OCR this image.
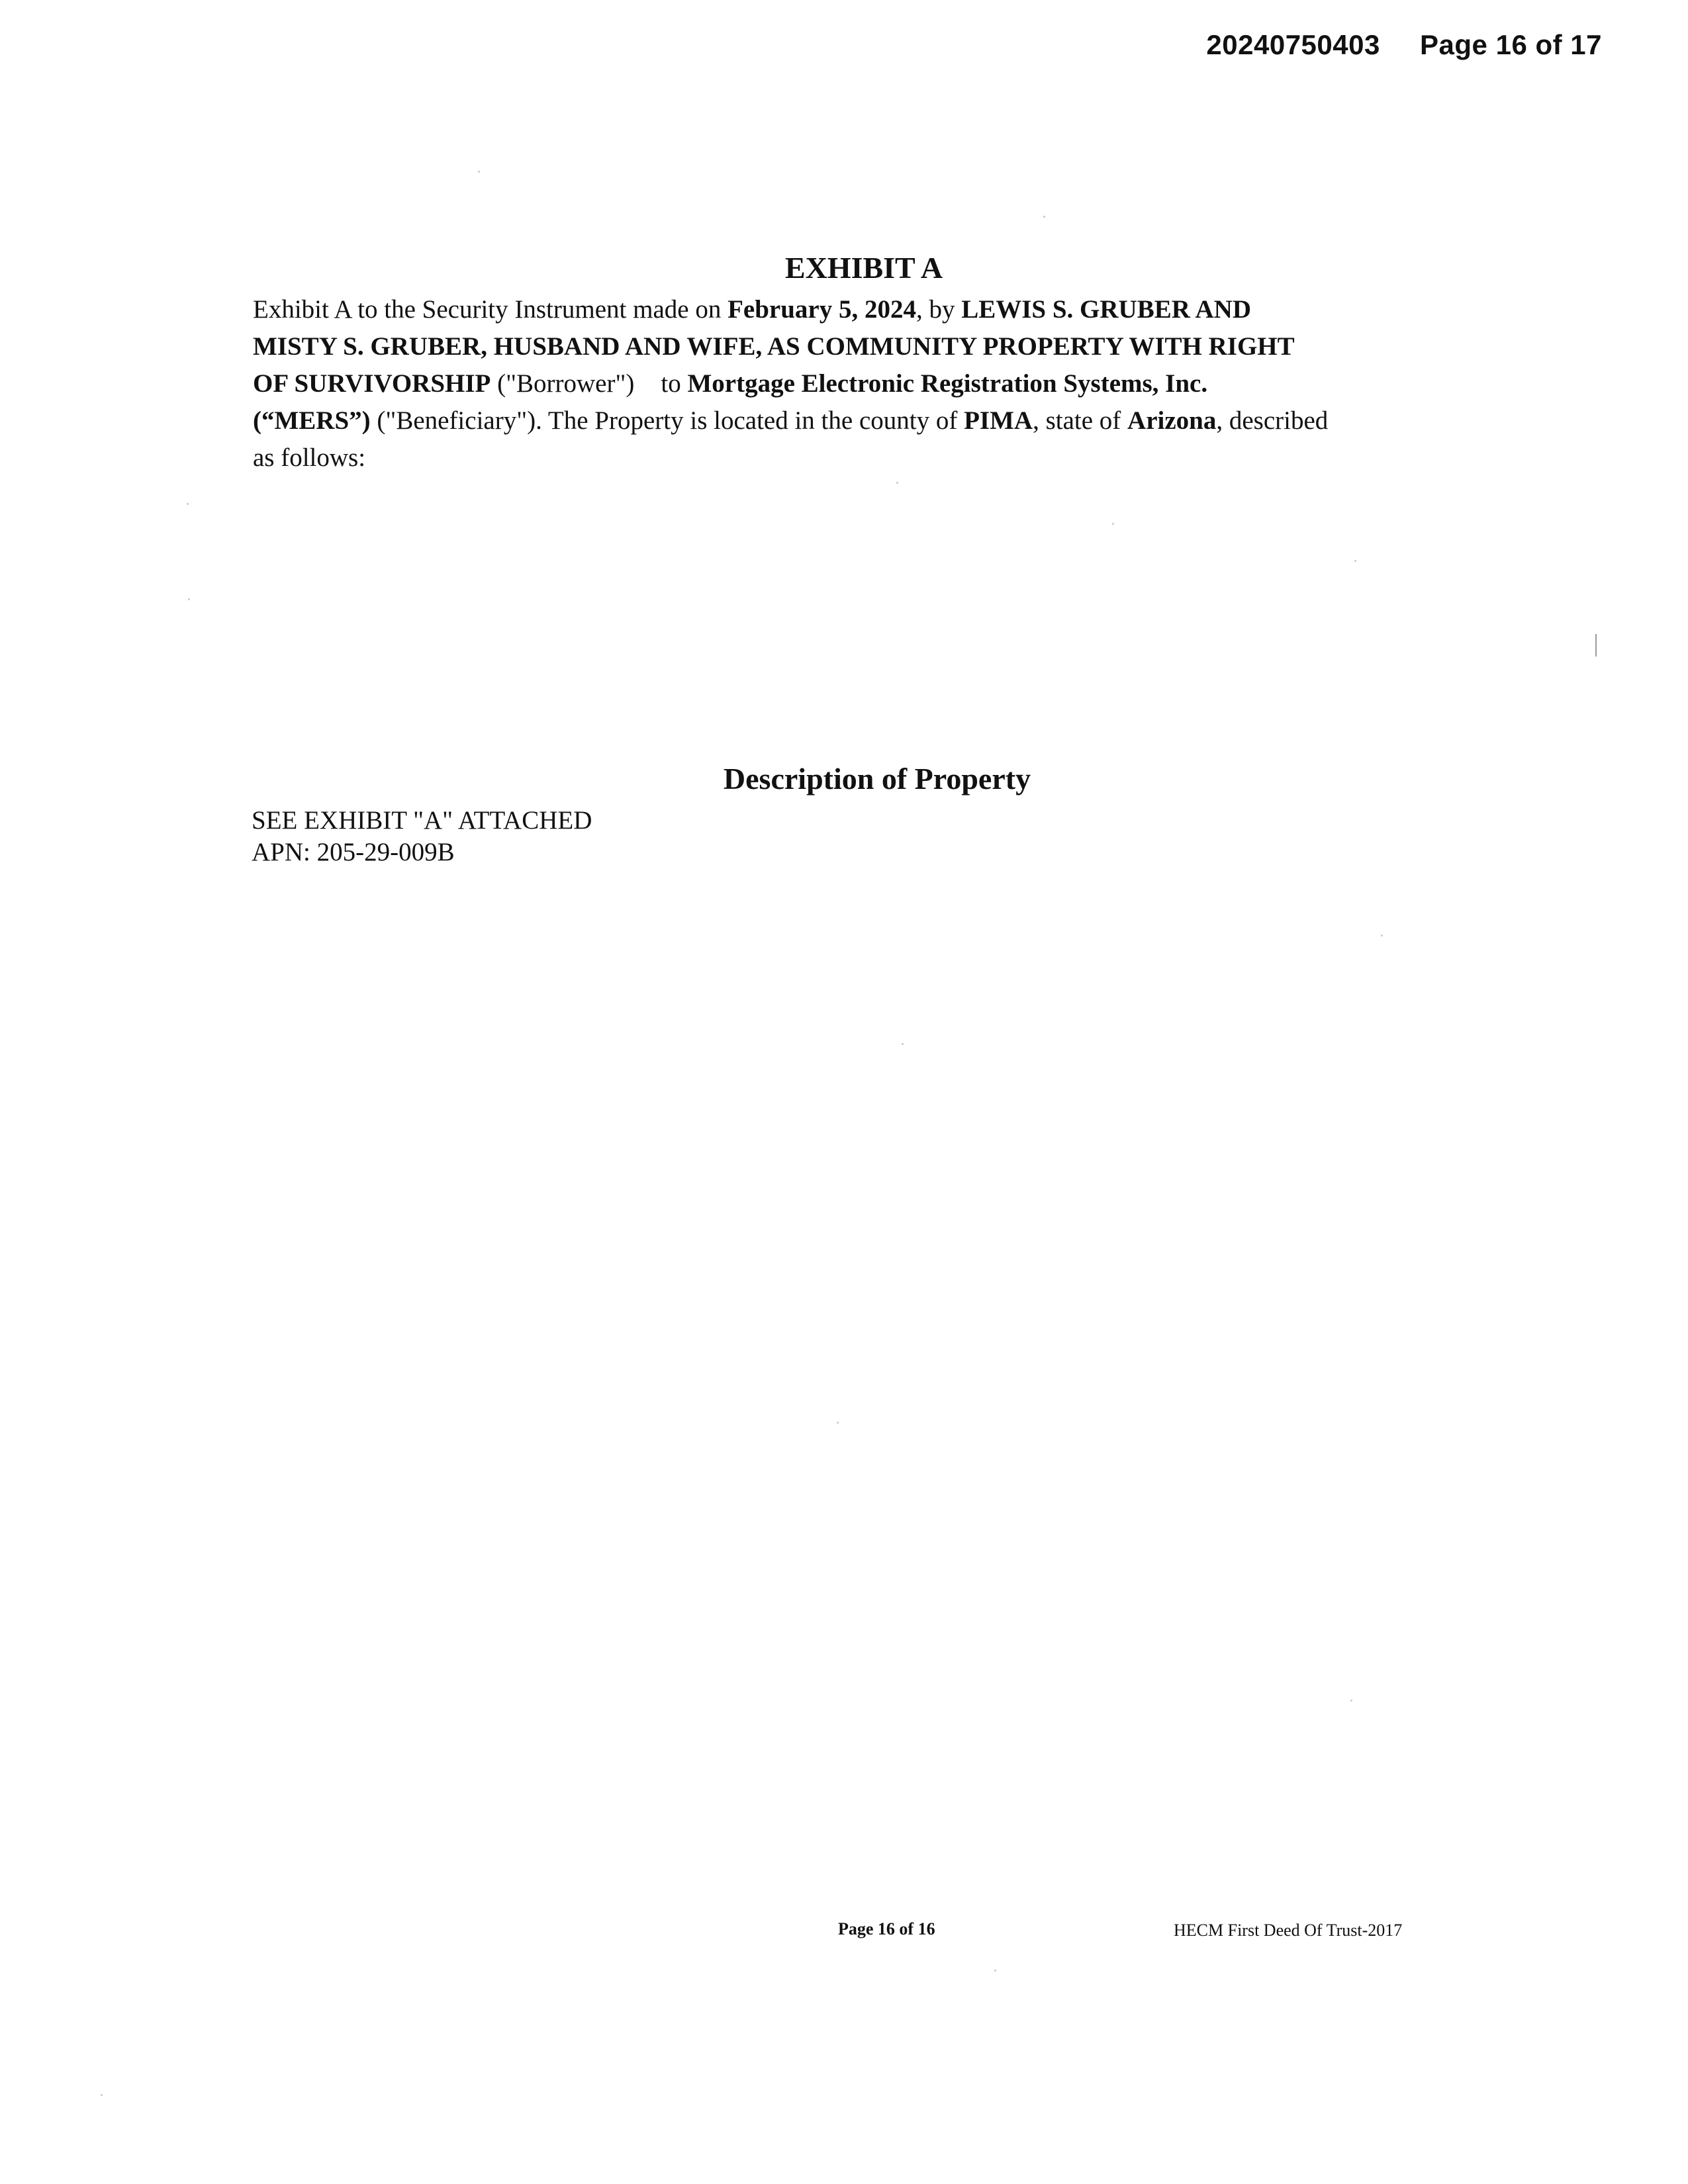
20240750403 Page 16 of 17
EXHIBIT A
Exhibit A to the Security Instrument made on February 5, 2024, by LEWIS S. GRUBER AND
MISTY S. GRUBER, HUSBAND AND WIFE, AS COMMUNITY PROPERTY WITH RIGHT
OF SURVIVORSHIP ("Borrower") to Mortgage Electronic Registration Systems, Inc.
(“MERS”) ("Beneficiary"). The Property is located in the county of PIMA, state of Arizona, described
as follows:
Description of Property
SEE EXHIBIT "A" ATTACHED
APN: 205-29-009B
Page 16 of 16	HECM First Deed Of Trust-2017
